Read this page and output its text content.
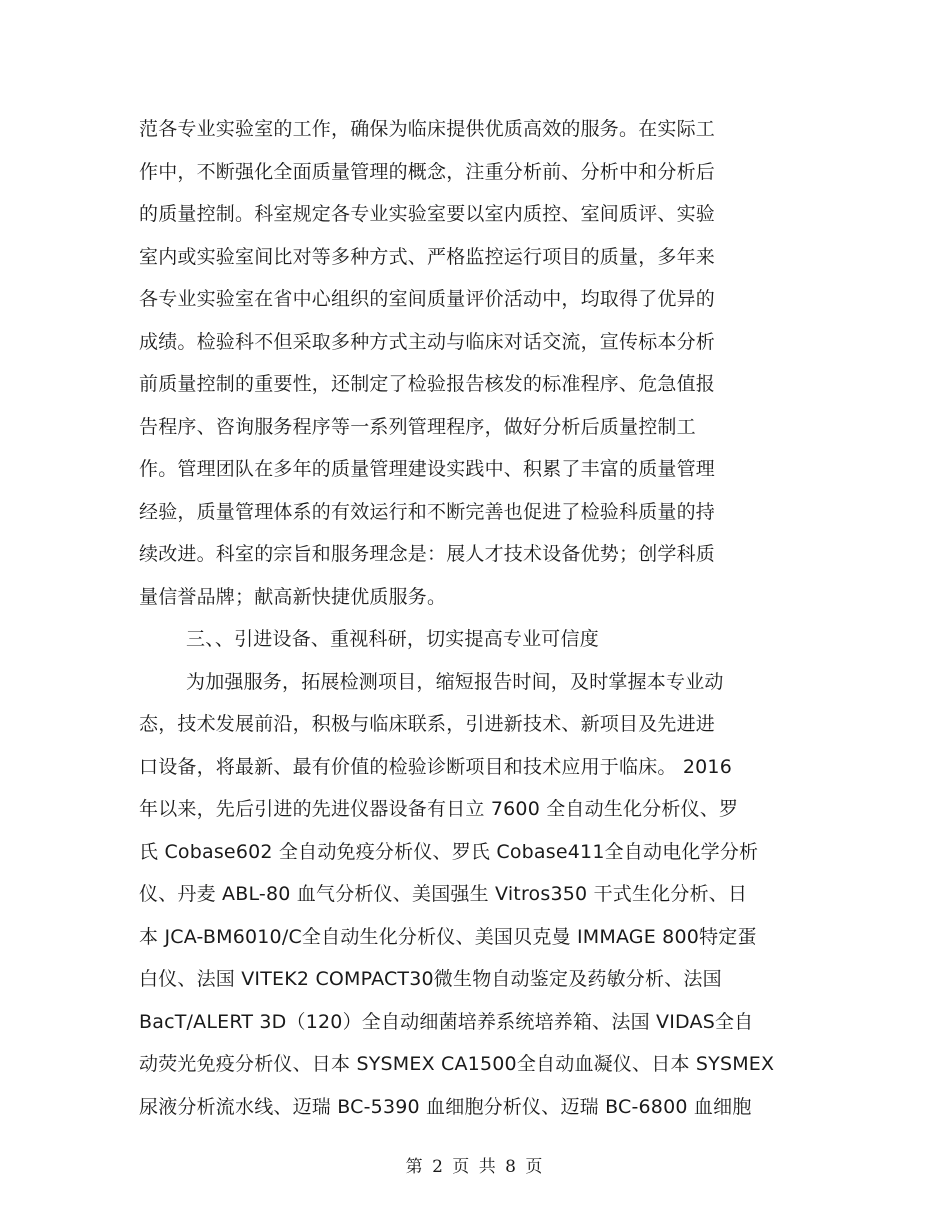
范各专业实验室的工作，确保为临床提供优质高效的服务。在实际工
作中，不断强化全面质量管理的概念，注重分析前、分析中和分析后
的质量控制。科室规定各专业实验室要以室内质控、室间质评、实验
室内或实验室间比对等多种方式、严格监控运行项目的质量，多年来
各专业实验室在省中心组织的室间质量评价活动中，均取得了优异的
成绩。检验科不但采取多种方式主动与临床对话交流，宣传标本分析
前质量控制的重要性，还制定了检验报告核发的标准程序、危急值报
告程序、咨询服务程序等一系列管理程序，做好分析后质量控制工
作。管理团队在多年的质量管理建设实践中、积累了丰富的质量管理
经验，质量管理体系的有效运行和不断完善也促进了检验科质量的持
续改进。科室的宗旨和服务理念是：展人才技术设备优势；创学科质
量信誉品牌；献高新快捷优质服务。
三、、引进设备、重视科研，切实提高专业可信度
为加强服务，拓展检测项目，缩短报告时间，及时掌握本专业动
态，技术发展前沿，积极与临床联系，引进新技术、新项目及先进进
口设备，将最新、最有价值的检验诊断项目和技术应用于临床。 2016
年以来，先后引进的先进仪器设备有日立 7600 全自动生化分析仪、罗
氏 Cobase602 全自动免疫分析仪、罗氏 Cobase411全自动电化学分析
仪、丹麦 ABL-80 血气分析仪、美国强生 Vitros350 干式生化分析、日
本 JCA-BM6010/C全自动生化分析仪、美国贝克曼 IMMAGE 800特定蛋
白仪、法国 VITEK2 COMPACT30微生物自动鉴定及药敏分析、法国
BacT/ALERT 3D（120）全自动细菌培养系统培养箱、法国 VIDAS全自
动荧光免疫分析仪、日本 SYSMEX CA1500全自动血凝仪、日本 SYSMEX
尿液分析流水线、迈瑞 BC-5390 血细胞分析仪、迈瑞 BC-6800 血细胞
第 2 页 共 8 页
